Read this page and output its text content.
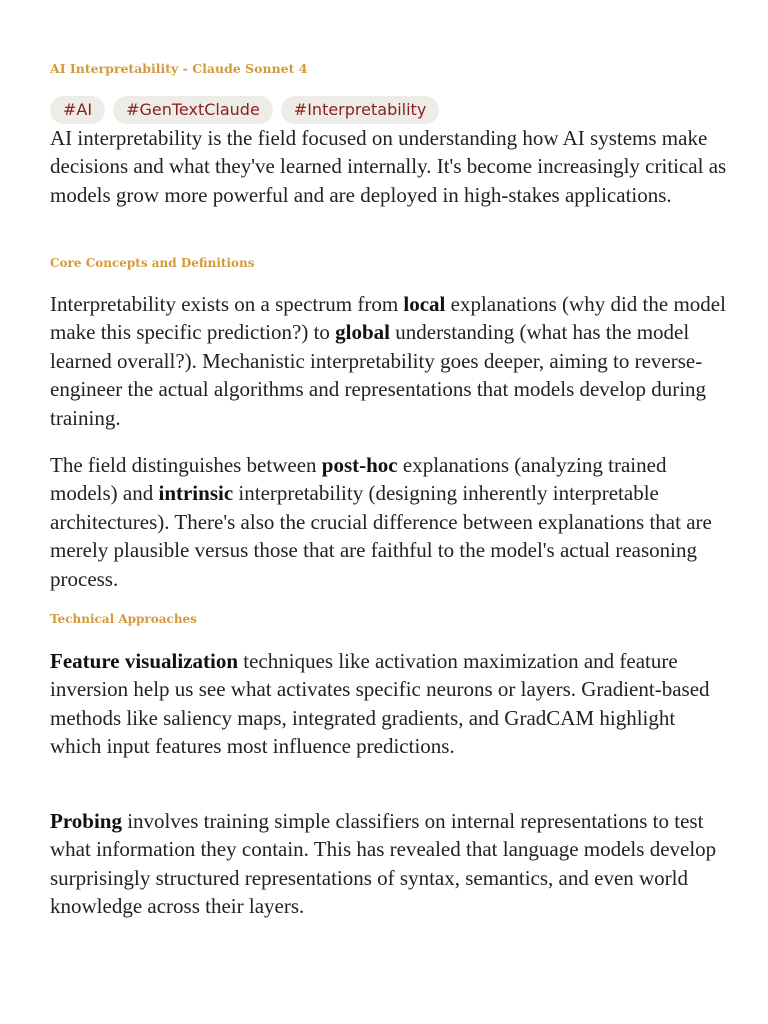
AI Interpretability - Claude Sonnet 4
#AI	#GenTextClaude	#Interpretability

AI interpretability is the field focused on understanding how AI systems make decisions and what they've learned internally. It's become increasingly critical as models grow more powerful and are deployed in high-stakes applications.

Core Concepts and Definitions

Interpretability exists on a spectrum from local explanations (why did the model make this specific prediction?) to global understanding (what has the model learned overall?). Mechanistic interpretability goes deeper, aiming to reverse-engineer the actual algorithms and representations that models develop during training.

The field distinguishes between post-hoc explanations (analyzing trained models) and intrinsic interpretability (designing inherently interpretable architectures). There's also the crucial difference between explanations that are merely plausible versus those that are faithful to the model's actual reasoning process.

Technical Approaches

Feature visualization techniques like activation maximization and feature inversion help us see what activates specific neurons or layers. Gradient-based methods like saliency maps, integrated gradients, and GradCAM highlight which input features most influence predictions.

Probing involves training simple classifiers on internal representations to test what information they contain. This has revealed that language models develop surprisingly structured representations of syntax, semantics, and even world knowledge across their layers.
